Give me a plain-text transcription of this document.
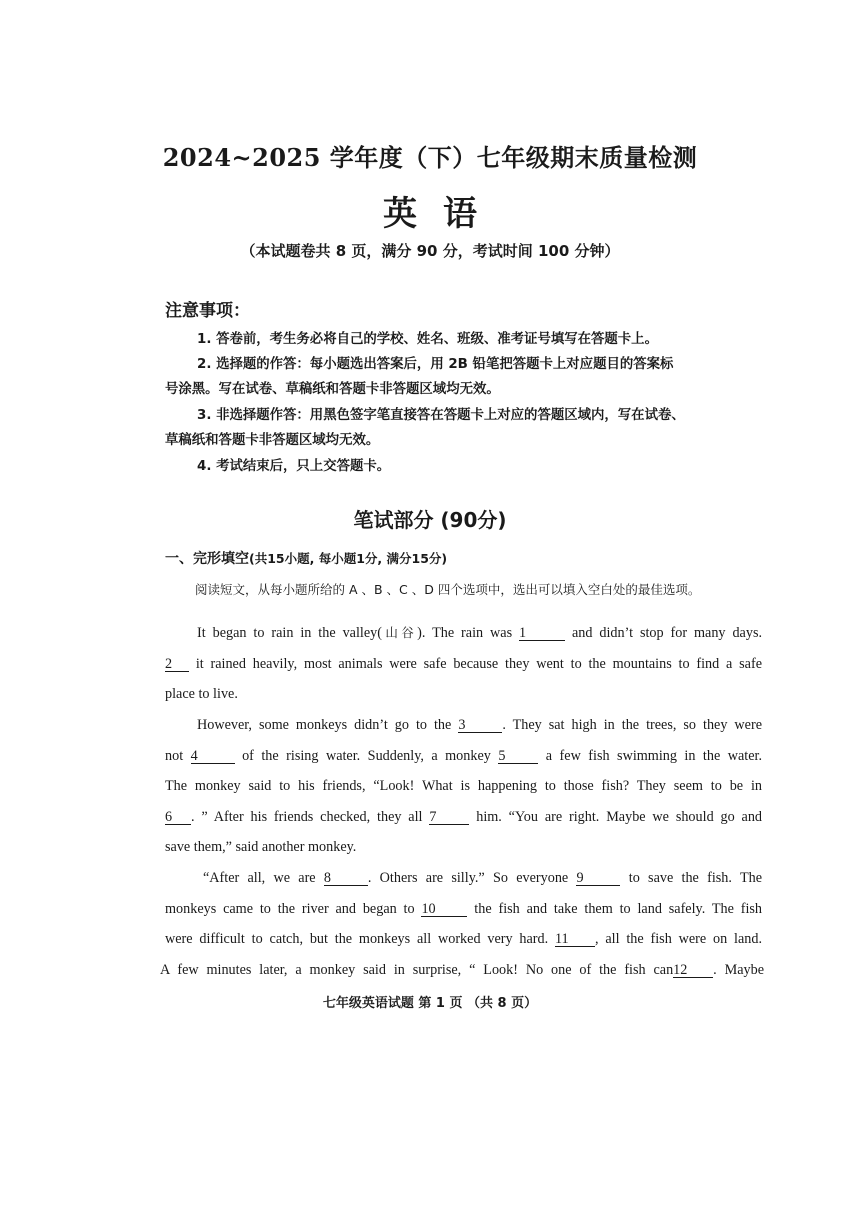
2024~2025 学年度（下）七年级期末质量检测
英语
（本试题卷共 8 页，满分 90 分，考试时间 100 分钟）
注意事项：
1. 答卷前，考生务必将自己的学校、姓名、班级、准考证号填写在答题卡上。
2. 选择题的作答：每小题选出答案后，用 2B 铅笔把答题卡上对应题目的答案标
号涂黑。写在试卷、草稿纸和答题卡非答题区域均无效。
3. 非选择题作答：用黑色签字笔直接答在答题卡上对应的答题区域内，写在试卷、
草稿纸和答题卡非答题区域均无效。
4. 考试结束后，只上交答题卡。
笔试部分 (90分)
一、完形填空(共15小题, 每小题1分, 满分15分)
阅读短文，从每小题所给的 A 、B 、C 、D 四个选项中，选出可以填入空白处的最佳选项。
It began to rain in the valley(山谷). The rain was 1	and didn’t stop for many days.
2 it rained heavily, most animals were safe because they went to the mountains to find a safe
place to live.
However, some monkeys didn’t go to the 3	. They sat high in the trees, so they were
not 4	of the rising water. Suddenly, a monkey 5	a few fish swimming in the water.
The monkey said to his friends, “Look! What is happening to those fish? They seem to be in
6 . ” After his friends checked, they all 7	him. “You are right. Maybe we should go and
save them,” said another monkey.
“After all, we are 8	. Others are silly.” So everyone 9	to save the fish. The
monkeys came to the river and began to 10	the fish and take them to land safely. The fish
were difficult to catch, but the monkeys all worked very hard. 11 , all the fish were on land.
A few minutes later, a monkey said in surprise, “ Look! No one of the fish can12 . Maybe
七年级英语试题 第 1 页 （共 8 页）
